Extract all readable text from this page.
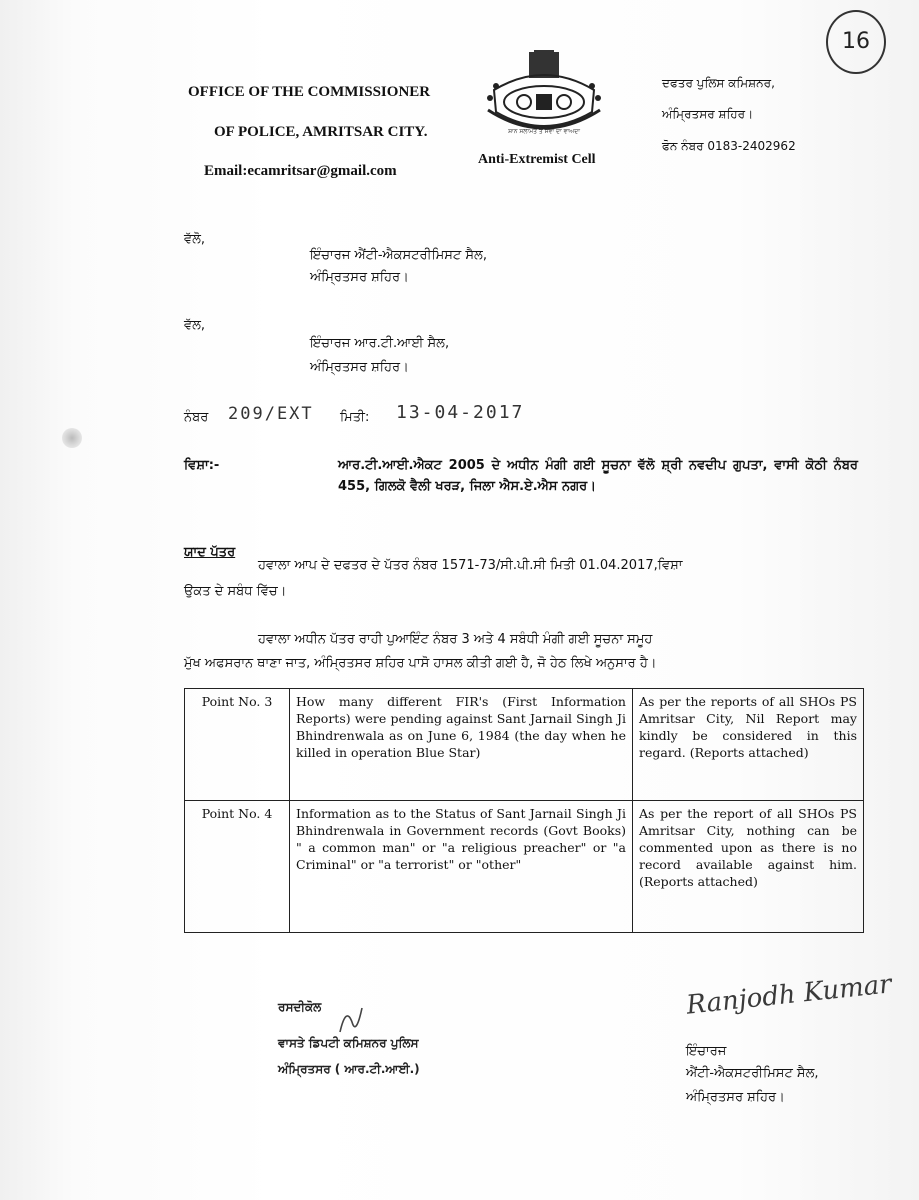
16
OFFICE OF THE COMMISSIONER
OF POLICE, AMRITSAR CITY.
Email:ecamritsar@gmail.com
ਸ਼ਾਨ ਸਲਾਮਤ ਤੇ ਸੇਵਾ ਦਾ ਵਾਅਦਾ
Anti-Extremist Cell
ਦਫਤਰ ਪੁਲਿਸ ਕਮਿਸ਼ਨਰ,
ਅੰਮ੍ਰਿਤਸਰ ਸ਼ਹਿਰ।
ਫੋਨ ਨੰਬਰ 0183-2402962
ਵੱਲੋ,
ਇੰਚਾਰਜ ਐਂਟੀ-ਐਕਸਟਰੀਮਿਸਟ ਸੈਲ,
ਅੰਮ੍ਰਿਤਸਰ ਸ਼ਹਿਰ।
ਵੱਲ,
ਇੰਚਾਰਜ ਆਰ.ਟੀ.ਆਈ ਸੈਲ,
ਅੰਮ੍ਰਿਤਸਰ ਸ਼ਹਿਰ।
ਨੰਬਰ 209/EXT ਮਿਤੀ: 13-04-2017
ਵਿਸ਼ਾ:-	ਆਰ.ਟੀ.ਆਈ.ਐਕਟ 2005 ਦੇ ਅਧੀਨ ਮੰਗੀ ਗਈ ਸੂਚਨਾ ਵੱਲੋ ਸ਼੍ਰੀ ਨਵਦੀਪ ਗੁਪਤਾ, ਵਾਸੀ ਕੋਠੀ ਨੰਬਰ 455, ਗਿਲਕੋ ਵੈਲੀ ਖਰੜ, ਜਿਲਾ ਐਸ.ਏ.ਐਸ ਨਗਰ।
ਯਾਦ ਪੱਤਰ
ਹਵਾਲਾ ਆਪ ਦੇ ਦਫਤਰ ਦੇ ਪੱਤਰ ਨੰਬਰ 1571-73/ਸੀ.ਪੀ.ਸੀ ਮਿਤੀ 01.04.2017,ਵਿਸ਼ਾ
ਉਕਤ ਦੇ ਸਬੰਧ ਵਿੱਚ।
ਹਵਾਲਾ ਅਧੀਨ ਪੱਤਰ ਰਾਹੀ ਪੁਆਇੰਟ ਨੰਬਰ 3 ਅਤੇ 4 ਸਬੰਧੀ ਮੰਗੀ ਗਈ ਸੂਚਨਾ ਸਮੂਹ
ਮੁੱਖ ਅਫਸਰਾਨ ਥਾਣਾ ਜਾਤ, ਅੰਮ੍ਰਿਤਸਰ ਸ਼ਹਿਰ ਪਾਸੋ ਹਾਸਲ ਕੀਤੀ ਗਈ ਹੈ, ਜੋ ਹੇਠ ਲਿਖੇ ਅਨੁਸਾਰ ਹੈ।
Point No. 3	How many different FIR's (First Information Reports) were pending against Sant Jarnail Singh Ji Bhindrenwala as on June 6, 1984 (the day when he killed in operation Blue Star)	As per the reports of all SHOs PS Amritsar City, Nil Report may kindly be considered in this regard. (Reports attached)
Point No. 4	Information as to the Status of Sant Jarnail Singh Ji Bhindrenwala in Government records (Govt Books) " a common man" or "a religious preacher" or "a Criminal" or "a terrorist" or "other"	As per the report of all SHOs PS Amritsar City, nothing can be commented upon as there is no record available against him. (Reports attached)
ਰਸਦੀਕੋਲ
ਵਾਸਤੇ ਡਿਪਟੀ ਕਮਿਸ਼ਨਰ ਪੁਲਿਸ
ਅੰਮ੍ਰਿਤਸਰ ( ਆਰ.ਟੀ.ਆਈ.)
Ranjodh Kumar
ਇੰਚਾਰਜ
ਐਂਟੀ-ਐਕਸਟਰੀਮਿਸਟ ਸੈਲ,
ਅੰਮ੍ਰਿਤਸਰ ਸ਼ਹਿਰ।
